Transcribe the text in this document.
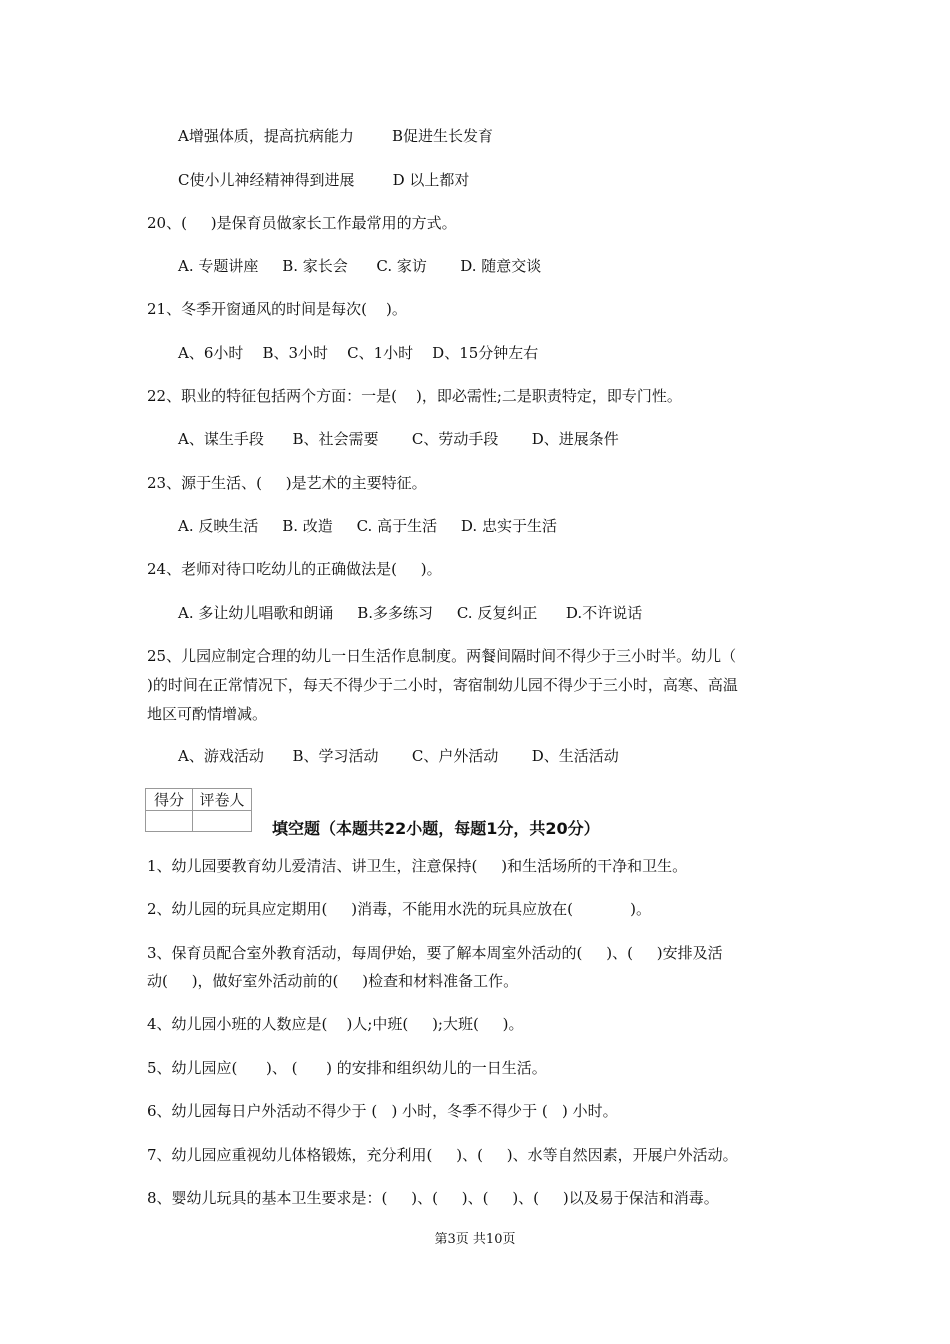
A增强体质，提高抗病能力        B促进生长发育
C使小儿神经精神得到进展        D 以上都对
20、(     )是保育员做家长工作最常用的方式。
A. 专题讲座     B. 家长会      C. 家访       D. 随意交谈
21、冬季开窗通风的时间是每次(    )。
A、6小时    B、3小时    C、1小时    D、15分钟左右
22、职业的特征包括两个方面：一是(    )，即必需性;二是职责特定，即专门性。
A、谋生手段      B、社会需要       C、劳动手段       D、进展条件
23、源于生活、(     )是艺术的主要特征。
A. 反映生活     B. 改造     C. 高于生活     D. 忠实于生活
24、老师对待口吃幼儿的正确做法是(     )。
A. 多让幼儿唱歌和朗诵     B.多多练习     C. 反复纠正      D.不许说话
25、儿园应制定合理的幼儿一日生活作息制度。两餐间隔时间不得少于三小时半。幼儿（
)的时间在正常情况下，每天不得少于二小时，寄宿制幼儿园不得少于三小时，高寒、高温
地区可酌情增减。
A、游戏活动      B、学习活动       C、户外活动       D、生活活动
得分	评卷人

填空题（本题共22小题，每题1分，共20分）
1、幼儿园要教育幼儿爱清洁、讲卫生，注意保持(     )和生活场所的干净和卫生。
2、幼儿园的玩具应定期用(     )消毒，不能用水洗的玩具应放在(            )。
3、保育员配合室外教育活动，每周伊始，要了解本周室外活动的(     )、(     )安排及活
动(     )，做好室外活动前的(     )检查和材料准备工作。
4、幼儿园小班的人数应是(    )人;中班(     );大班(     )。
5、幼儿园应(      )、 (      ) 的安排和组织幼儿的一日生活。
6、幼儿园每日户外活动不得少于 (   ) 小时，冬季不得少于 (   ) 小时。
7、幼儿园应重视幼儿体格锻炼，充分利用(     )、(     )、水等自然因素，开展户外活动。
8、婴幼儿玩具的基本卫生要求是：(     )、(     )、(     )、(     )以及易于保洁和消毒。
第3页 共10页
